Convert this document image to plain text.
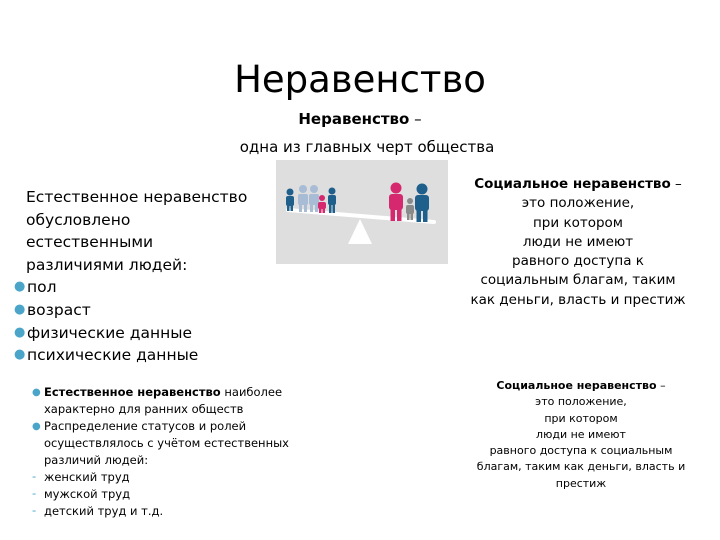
Неравенство
Неравенство –
одна из главных черт общества
Естественное неравенство
обусловлено
естественными
различиями людей:
● пол
● возраст
● физические данные
● психические данные
Социальное неравенство –
это положение,
при котором
люди не имеют
равного доступа к
социальным благам, таким
как деньги, власть и престиж
● Естественное неравенство наиболее
характерно для ранних обществ
● Распределение статусов и ролей
осуществлялось с учётом естественных
различий людей:
- женский труд
- мужской труд
- детский труд и т.д.
Социальное неравенство –
это положение,
при котором
люди не имеют
равного доступа к социальным
благам, таким как деньги, власть и
престиж
